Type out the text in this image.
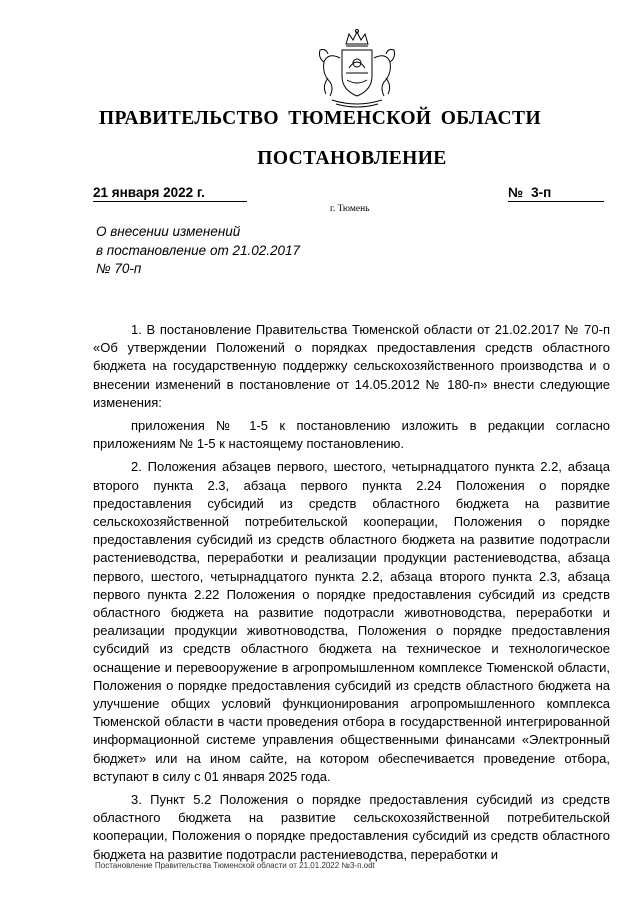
ПРАВИТЕЛЬСТВО ТЮМЕНСКОЙ ОБЛАСТИ
ПОСТАНОВЛЕНИЕ
21 января 2022 г.	№ 3-п
г. Тюмень
О внесении изменений
в постановление от 21.02.2017
№ 70-п

1. В постановление Правительства Тюменской области от 21.02.2017 № 70-п «Об утверждении Положений о порядках предоставления средств областного бюджета на государственную поддержку сельскохозяйственного производства и о внесении изменений в постановление от 14.05.2012 № 180-п» внести следующие изменения:

приложения № 1-5 к постановлению изложить в редакции согласно приложениям № 1-5 к настоящему постановлению.

2. Положения абзацев первого, шестого, четырнадцатого пункта 2.2, абзаца второго пункта 2.3, абзаца первого пункта 2.24 Положения о порядке предоставления субсидий из средств областного бюджета на развитие сельскохозяйственной потребительской кооперации, Положения о порядке предоставления субсидий из средств областного бюджета на развитие подотрасли растениеводства, переработки и реализации продукции растениеводства, абзаца первого, шестого, четырнадцатого пункта 2.2, абзаца второго пункта 2.3, абзаца первого пункта 2.22 Положения о порядке предоставления субсидий из средств областного бюджета на развитие подотрасли животноводства, переработки и реализации продукции животноводства, Положения о порядке предоставления субсидий из средств областного бюджета на техническое и технологическое оснащение и перевооружение в агропромышленном комплексе Тюменской области, Положения о порядке предоставления субсидий из средств областного бюджета на улучшение общих условий функционирования агропромышленного комплекса Тюменской области в части проведения отбора в государственной интегрированной информационной системе управления общественными финансами «Электронный бюджет» или на ином сайте, на котором обеспечивается проведение отбора, вступают в силу с 01 января 2025 года.

3. Пункт 5.2 Положения о порядке предоставления субсидий из средств областного бюджета на развитие сельскохозяйственной потребительской кооперации, Положения о порядке предоставления субсидий из средств областного бюджета на развитие подотрасли растениеводства, переработки и

Постановление Правительства Тюменской области от 21.01.2022 №3-п.odt
